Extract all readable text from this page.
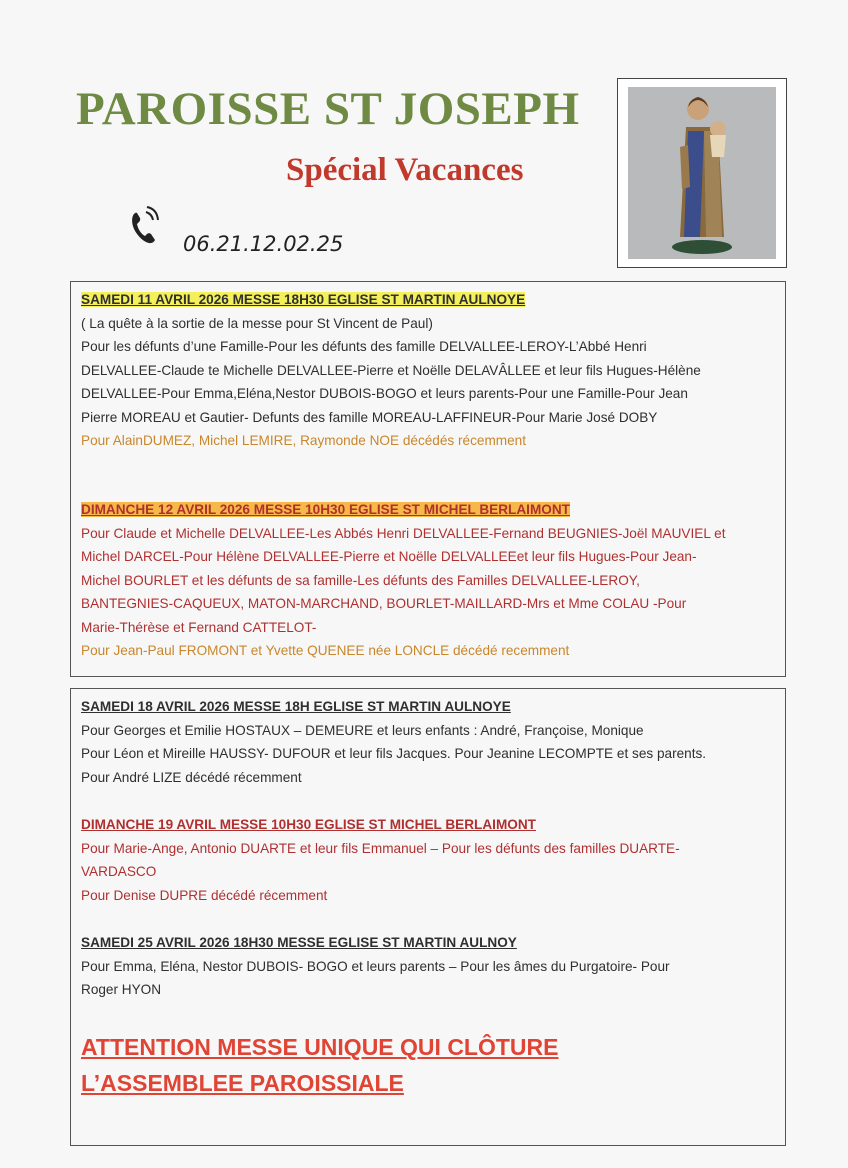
PAROISSE ST JOSEPH
Spécial Vacances
06.21.12.02.25
SAMEDI 11 AVRIL 2026 MESSE 18H30 EGLISE ST MARTIN AULNOYE
( La quête à la sortie de la messe pour St Vincent de Paul)
Pour les défunts d’une Famille-Pour les défunts des famille DELVALLEE-LEROY-L’Abbé Henri
DELVALLEE-Claude te Michelle DELVALLEE-Pierre et Noëlle DELAVÂLLEE et leur fils Hugues-Hélène
DELVALLEE-Pour Emma,Eléna,Nestor DUBOIS-BOGO et leurs parents-Pour une Famille-Pour Jean
Pierre MOREAU et Gautier- Defunts des famille MOREAU-LAFFINEUR-Pour Marie José DOBY
Pour AlainDUMEZ, Michel LEMIRE, Raymonde NOE décédés récemment
DIMANCHE 12 AVRIL 2026 MESSE 10H30 EGLISE ST MICHEL BERLAIMONT
Pour Claude et Michelle DELVALLEE-Les Abbés Henri DELVALLEE-Fernand BEUGNIES-Joël MAUVIEL et
Michel DARCEL-Pour Hélène DELVALLEE-Pierre et Noëlle DELVALLEEet leur fils Hugues-Pour Jean-
Michel BOURLET et les défunts de sa famille-Les défunts des Familles DELVALLEE-LEROY,
BANTEGNIES-CAQUEUX, MATON-MARCHAND, BOURLET-MAILLARD-Mrs et Mme COLAU -Pour
Marie-Thérèse et Fernand CATTELOT-
Pour Jean-Paul FROMONT et Yvette QUENEE née LONCLE décédé recemment
SAMEDI 18 AVRIL 2026 MESSE 18H EGLISE ST MARTIN AULNOYE
Pour Georges et Emilie HOSTAUX – DEMEURE et leurs enfants : André, Françoise, Monique
Pour Léon et Mireille HAUSSY- DUFOUR et leur fils Jacques. Pour Jeanine LECOMPTE et ses parents.
Pour André LIZE décédé récemment
DIMANCHE 19 AVRIL MESSE 10H30 EGLISE ST MICHEL BERLAIMONT
Pour Marie-Ange, Antonio DUARTE et leur fils Emmanuel – Pour les défunts des familles DUARTE-
VARDASCO
Pour Denise DUPRE décédé récemment
SAMEDI 25 AVRIL 2026 18H30 MESSE EGLISE ST MARTIN AULNOY
Pour Emma, Eléna, Nestor DUBOIS- BOGO et leurs parents – Pour les âmes du Purgatoire- Pour
Roger HYON
ATTENTION MESSE UNIQUE QUI CLÔTURE
L’ASSEMBLEE PAROISSIALE
